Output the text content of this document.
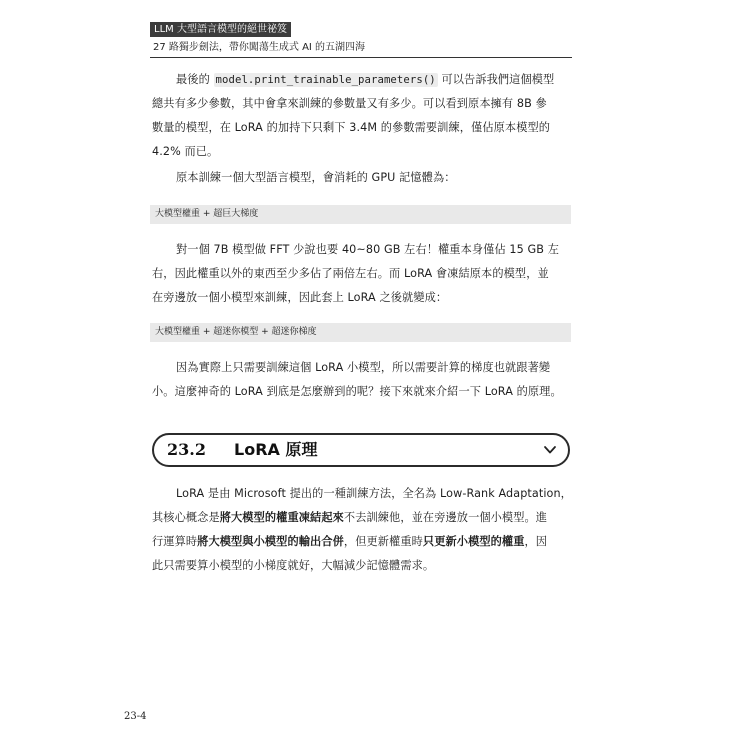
LLM 大型語言模型的絕世祕笈
27 路獨步劍法，帶你闖蕩生成式 AI 的五湖四海
最後的 model.print_trainable_parameters() 可以告訴我們這個模型
總共有多少參數，其中會拿來訓練的參數量又有多少。可以看到原本擁有 8B 參
數量的模型，在 LoRA 的加持下只剩下 3.4M 的參數需要訓練，僅佔原本模型的
4.2% 而已。
原本訓練一個大型語言模型，會消耗的 GPU 記憶體為：
大模型權重 + 超巨大梯度
對一個 7B 模型做 FFT 少說也要 40~80 GB 左右！權重本身僅佔 15 GB 左
右，因此權重以外的東西至少多佔了兩倍左右。而 LoRA 會凍結原本的模型，並
在旁邊放一個小模型來訓練，因此套上 LoRA 之後就變成：
大模型權重 + 超迷你模型 + 超迷你梯度
因為實際上只需要訓練這個 LoRA 小模型，所以需要計算的梯度也就跟著變
小。這麼神奇的 LoRA 到底是怎麼辦到的呢？接下來就來介紹一下 LoRA 的原理。
23.2 LoRA 原理
LoRA 是由 Microsoft 提出的一種訓練方法，全名為 Low-Rank Adaptation，
其核心概念是將大模型的權重凍結起來不去訓練他，並在旁邊放一個小模型。進
行運算時將大模型與小模型的輸出合併，但更新權重時只更新小模型的權重，因
此只需要算小模型的小梯度就好，大幅減少記憶體需求。
23-4
